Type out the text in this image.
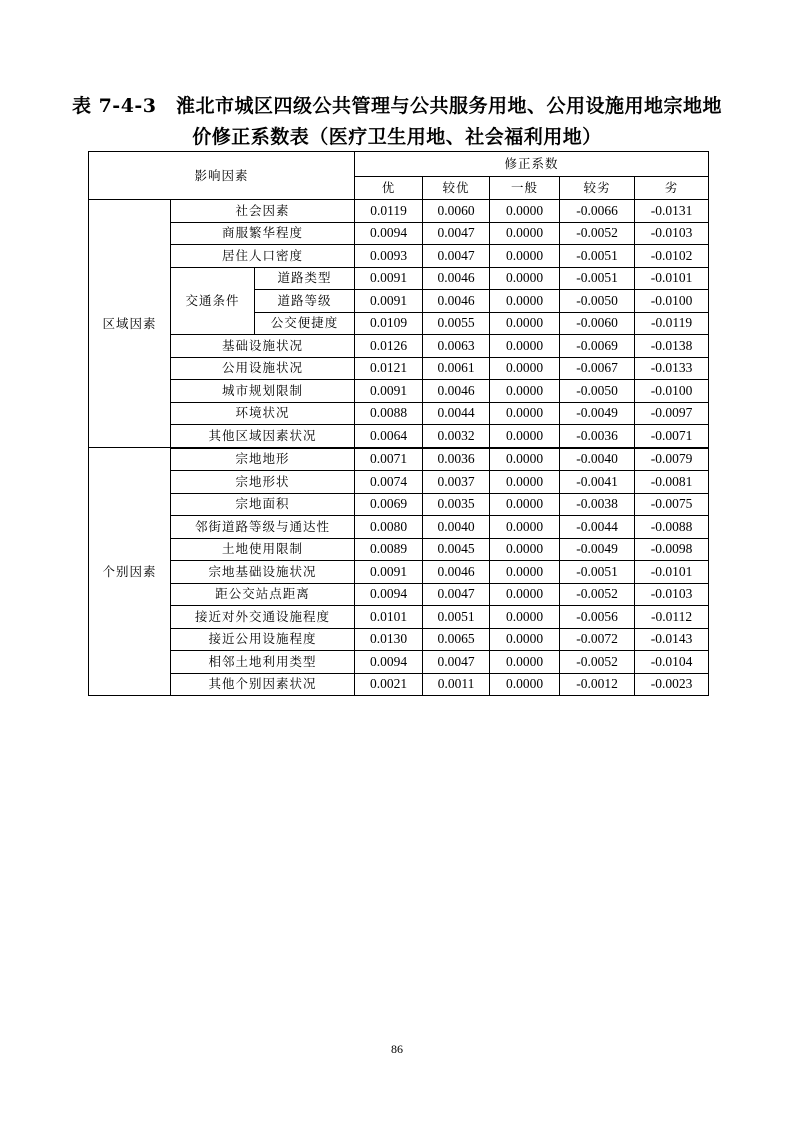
表 7-4-3　淮北市城区四级公共管理与公共服务用地、公用设施用地宗地地
价修正系数表（医疗卫生用地、社会福利用地）
影响因素			修正系数				
			优	较优	一般	较劣	劣
区域因素	社会因素		0.0119	0.0060	0.0000	-0.0066	-0.0131
	商服繁华程度		0.0094	0.0047	0.0000	-0.0052	-0.0103
	居住人口密度		0.0093	0.0047	0.0000	-0.0051	-0.0102
	交通条件	道路类型	0.0091	0.0046	0.0000	-0.0051	-0.0101
		道路等级	0.0091	0.0046	0.0000	-0.0050	-0.0100
		公交便捷度	0.0109	0.0055	0.0000	-0.0060	-0.0119
	基础设施状况		0.0126	0.0063	0.0000	-0.0069	-0.0138
	公用设施状况		0.0121	0.0061	0.0000	-0.0067	-0.0133
	城市规划限制		0.0091	0.0046	0.0000	-0.0050	-0.0100
	环境状况		0.0088	0.0044	0.0000	-0.0049	-0.0097
	其他区域因素状况		0.0064	0.0032	0.0000	-0.0036	-0.0071
个别因素	宗地地形		0.0071	0.0036	0.0000	-0.0040	-0.0079
	宗地形状		0.0074	0.0037	0.0000	-0.0041	-0.0081
	宗地面积		0.0069	0.0035	0.0000	-0.0038	-0.0075
	邻街道路等级与通达性		0.0080	0.0040	0.0000	-0.0044	-0.0088
	土地使用限制		0.0089	0.0045	0.0000	-0.0049	-0.0098
	宗地基础设施状况		0.0091	0.0046	0.0000	-0.0051	-0.0101
	距公交站点距离		0.0094	0.0047	0.0000	-0.0052	-0.0103
	接近对外交通设施程度		0.0101	0.0051	0.0000	-0.0056	-0.0112
	接近公用设施程度		0.0130	0.0065	0.0000	-0.0072	-0.0143
	相邻土地利用类型		0.0094	0.0047	0.0000	-0.0052	-0.0104
	其他个别因素状况		0.0021	0.0011	0.0000	-0.0012	-0.0023
86
